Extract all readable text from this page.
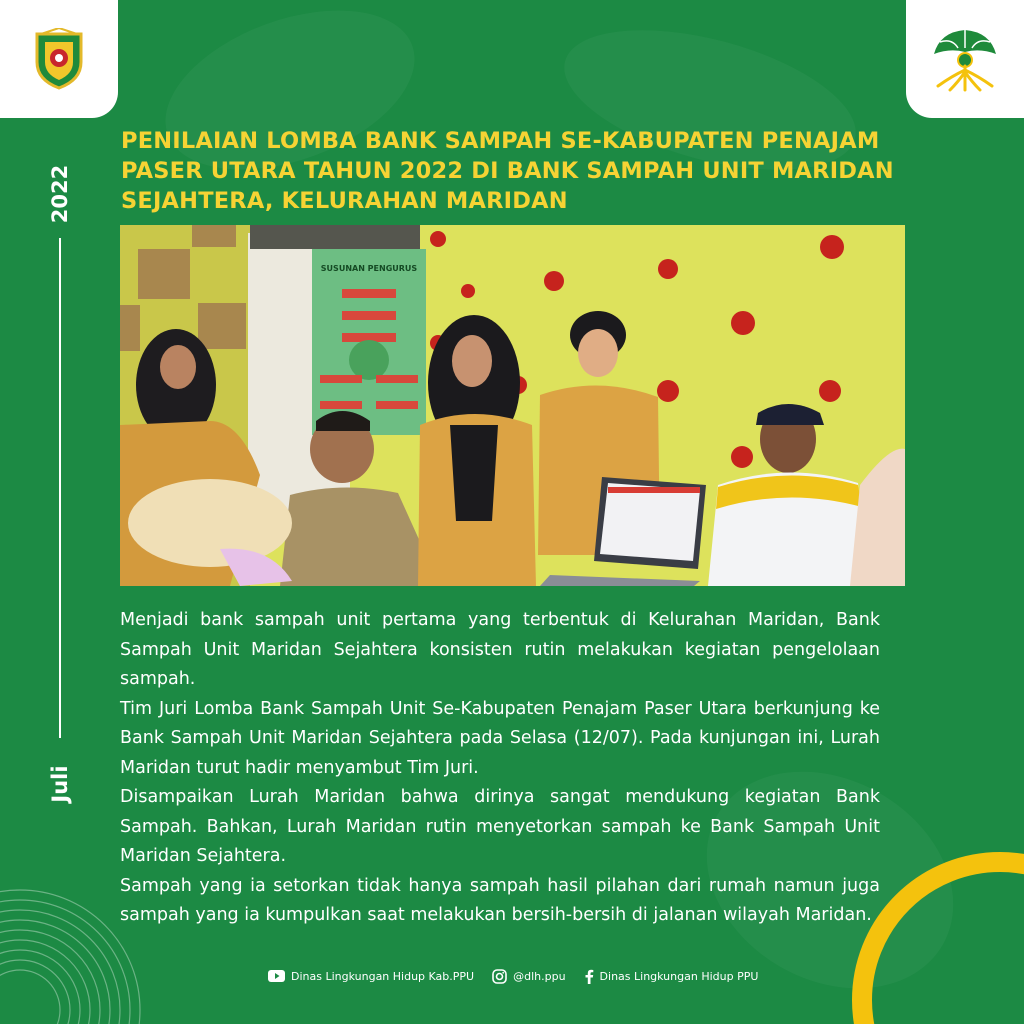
PENILAIAN LOMBA BANK SAMPAH SE-KABUPATEN PENAJAM PASER UTARA TAHUN 2022 DI BANK SAMPAH UNIT MARIDAN SEJAHTERA, KELURAHAN MARIDAN
2022
Juli
SUSUNAN PENGURUS

Menjadi bank sampah unit pertama yang terbentuk di Kelurahan Maridan, Bank Sampah Unit Maridan Sejahtera konsisten rutin melakukan kegiatan pengelolaan sampah.

Tim Juri Lomba Bank Sampah Unit Se-Kabupaten Penajam Paser Utara berkunjung ke Bank Sampah Unit Maridan Sejahtera pada Selasa (12/07). Pada kunjungan ini, Lurah Maridan turut hadir menyambut Tim Juri.

Disampaikan Lurah Maridan bahwa dirinya sangat mendukung kegiatan Bank Sampah. Bahkan, Lurah Maridan rutin menyetorkan sampah ke Bank Sampah Unit Maridan Sejahtera.

Sampah yang ia setorkan tidak hanya sampah hasil pilahan dari rumah namun juga sampah yang ia kumpulkan saat melakukan bersih-bersih di jalanan wilayah Maridan.

Dinas Lingkungan Hidup Kab.PPU	@dlh.ppu	Dinas Lingkungan Hidup PPU
